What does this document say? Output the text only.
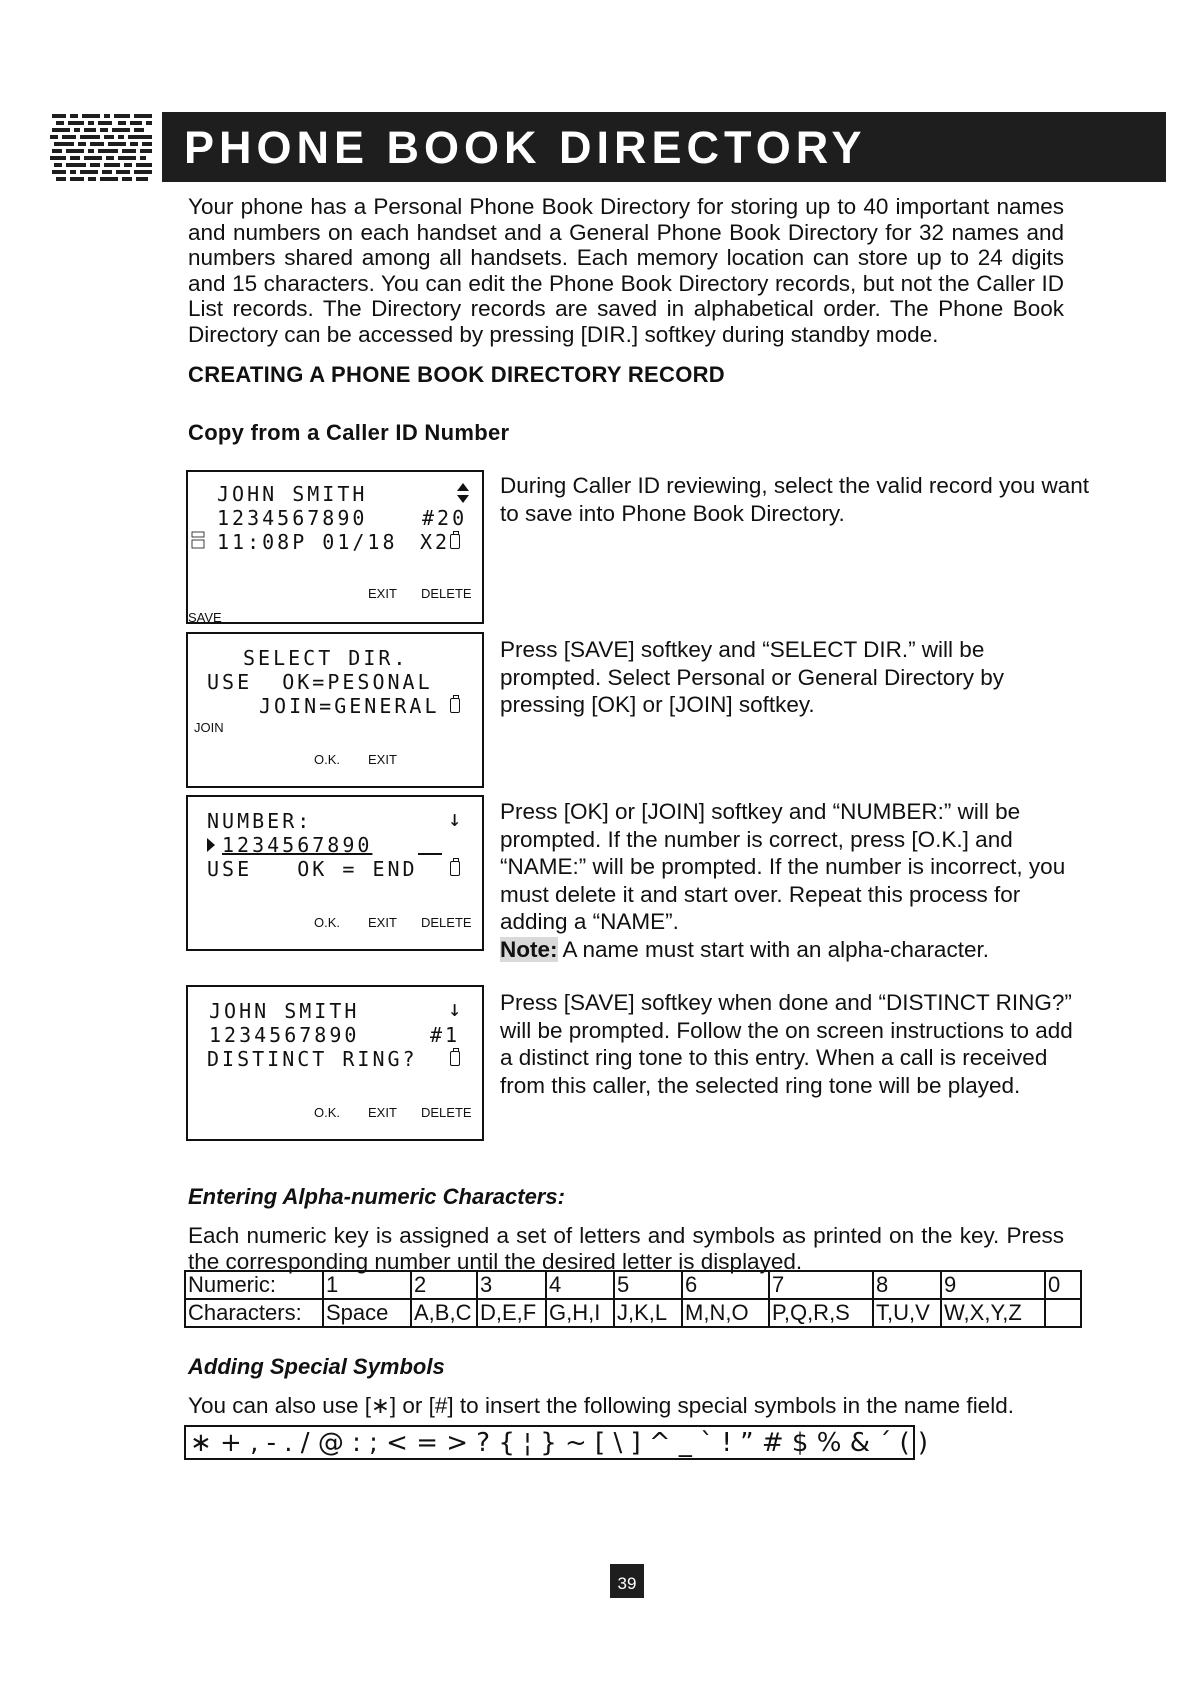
PHONE BOOK DIRECTORY
Your phone has a Personal Phone Book Directory for storing up to 40 important names and numbers on each handset and a General Phone Book Directory for 32 names and numbers shared among all handsets. Each memory location can store up to 24 digits and 15 characters. You can edit the Phone Book Directory records, but not the Caller ID List records. The Directory records are saved in alphabetical order. The Phone Book Directory can be accessed by pressing [DIR.] softkey during standby mode.
CREATING A PHONE BOOK DIRECTORY RECORD
Copy from a Caller ID Number
JOHN SMITH
1234567890	#20
11:08P 01/18 X2
EXIT DELETE
SAVE
During Caller ID reviewing, select the valid record you want to save into Phone Book Directory.
SELECT DIR.
USE  OK=PESONAL
JOIN=GENERAL
JOIN
O.K. EXIT
Press [SAVE] softkey and “SELECT DIR.” will be prompted. Select Personal or General Directory by pressing [OK] or [JOIN] softkey.
NUMBER:	↓
1234567890
USE   OK = END
O.K. EXIT DELETE
Press [OK] or [JOIN] softkey and “NUMBER:” will be prompted. If the number is correct, press [O.K.] and “NAME:” will be prompted. If the number is incorrect, you must delete it and start over. Repeat this process for adding a “NAME”.
Note: A name must start with an alpha-character.
JOHN SMITH	↓
1234567890	#1
DISTINCT RING?
O.K. EXIT DELETE
Press [SAVE] softkey when done and “DISTINCT RING?” will be prompted. Follow the on screen instructions to add a distinct ring tone to this entry. When a call is received from this caller, the selected ring tone will be played.
Entering Alpha-numeric Characters:
Each numeric key is assigned a set of letters and symbols as printed on the key. Press the corresponding number until the desired letter is displayed.
Numeric:	1	2	3	4	5	6	7	8	9	0
Characters:	Space	A,B,C	D,E,F	G,H,I	J,K,L	M,N,O	P,Q,R,S	T,U,V	W,X,Y,Z	
Adding Special Symbols
You can also use [∗] or [#] to insert the following special symbols in the name field.
∗ + , - . / @ : ; < = > ? { ¦ } ~ [ \ ] ^ _ ` ! ” # $ % & ´ ( )
39
